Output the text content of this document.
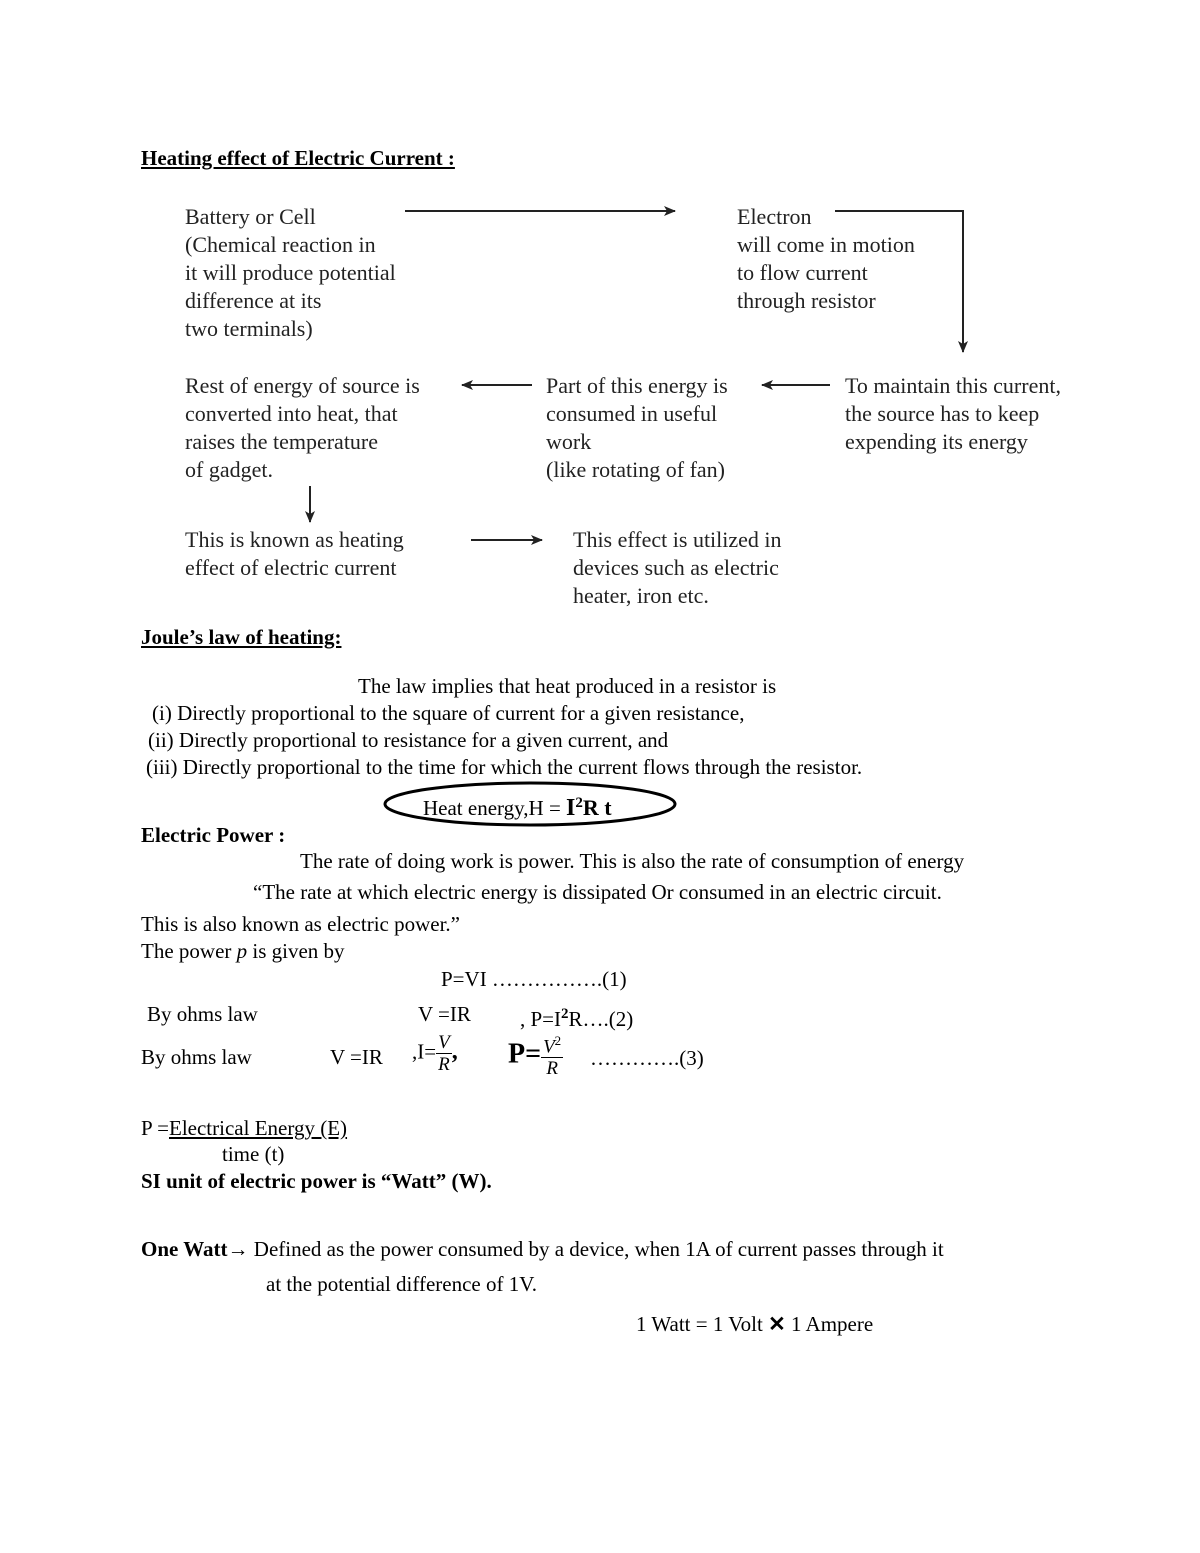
Heating effect of Electric Current :
Battery or Cell
(Chemical reaction in
it will produce potential
difference at its
two terminals)
Electron
will come in motion
to flow current
through resistor
To maintain this current,
the source has to keep
expending its energy
Part of this energy is
consumed in useful
work
(like rotating of fan)
Rest of energy of source is
converted into heat, that
raises the temperature
of gadget.
This is known as heating
effect of electric current
This effect is utilized in
devices such as electric
heater, iron etc.
Joule’s law of heating:
The law implies that heat produced in a resistor is
(i) Directly proportional to the square of current for a given resistance,
(ii) Directly proportional to resistance for a given current, and
(iii) Directly proportional to the time for which the current flows through the resistor.
Heat energy,H = $I^2R$ t
Electric Power :
The rate of doing work is power. This is also the rate of consumption of energy
“The rate at which electric energy is dissipated Or consumed in an electric circuit.
This is also known as electric power.”
The power p is given by
P=VI …………….(1)
By ohms law	V =IR , $P=I^2R\dots.(2)$
By ohms law	V =IR $,I= \frac{V}{R}$ , $P= \frac{V^2}{R}$ ………….(3)
P =Electrical Energy (E)
time (t)
SI unit of electric power is “Watt” (W).
One Watt→ Defined as the power consumed by a device, when 1A of current passes through it
at the potential difference of 1V.
1 Watt = 1 Volt ✕ 1 Ampere
